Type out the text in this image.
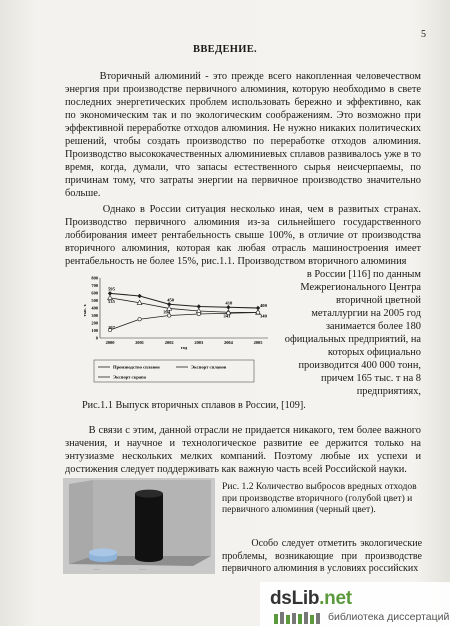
5
ВВЕДЕНИЕ.

Вторичный алюминий - это прежде всего накопленная человечеством энергия при производстве первичного алюминия, которую необходимо в свете последних энергетических проблем использовать бережно и эффективно, как по экономическим так и по экологическим соображениям. Это возможно при эффективной переработке отходов алюминия. Не нужно никаких политических решений, чтобы создать производство по переработке отходов алюминия. Производство высококачественных алюминиевых сплавов развивалось уже в то время, когда, думали, что запасы естественного сырья неисчерпаемы, по причинам тому, что затраты энергии на первичное производство значительно больше.

Однако в России ситуация несколько иная, чем в развитых странах. Производство первичного алюминия из-за сильнейшего государственного лоббирования имеет рентабельность свыше 100%, в отличие от производства вторичного алюминия, которая как любая отрасль машиностроения имеет рентабельность не более 15%, рис.1.1. Производством вторичного алюминия

в России [116] по данным Межрегионального Центра вторичной цветной металлургии на 2005 год занимается более 180 официальных предприятий, на которых официально производится 400 000 тонн, причем 165 тыс. т на 8 предприятиях,

0
100
200
300
400
500
600
700
800
тыс. т.
2000	2001	2002	2003	2004	2005
год
595
535	450
394
410
343
400
340
107
Производство сплавов	Экспорт сплавов
Экспорт скрапа
Рис.1.1 Выпуск вторичных сплавов в России, [109].

В связи с этим, данной отрасли не придается никакого, тем более важного значения, и научное и технологическое развитие ее держится только на энтузиазме нескольких мелких компаний. Поэтому любые их успехи и достижения следует поддерживать как важную часть всей Российской науки.

·······	·······
Рис. 1.2 Количество выбросов вредных отходов при производстве вторичного (голубой цвет) и первичного алюминия (черный цвет).

Особо следует отметить экологические проблемы, возникающие при производстве первичного алюминия в условиях российских

dsLib.net
библиотека диссертаций
